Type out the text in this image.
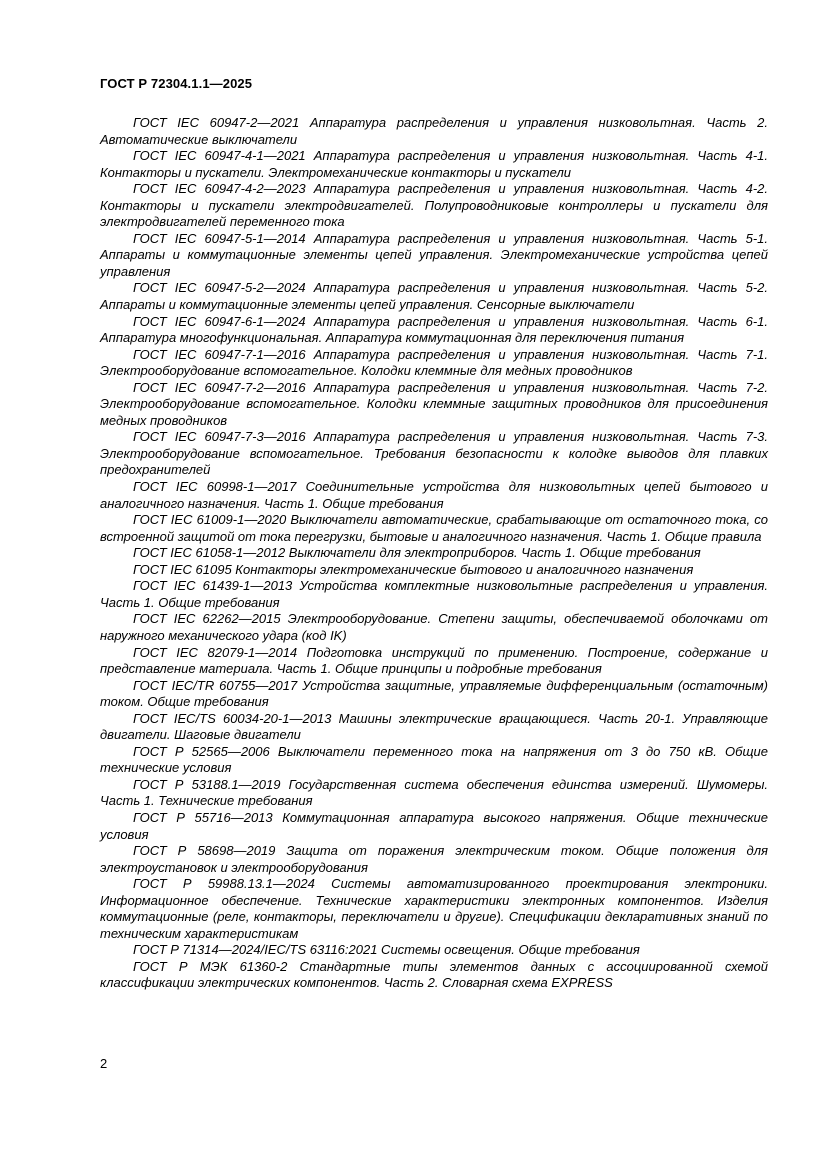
ГОСТ Р 72304.1.1—2025

ГОСТ IEC 60947-2—2021 Аппаратура распределения и управления низковольтная. Часть 2. Автоматические выключатели

ГОСТ IEC 60947-4-1—2021 Аппаратура распределения и управления низковольтная. Часть 4-1. Контакторы и пускатели. Электромеханические контакторы и пускатели

ГОСТ IEC 60947-4-2—2023 Аппаратура распределения и управления низковольтная. Часть 4-2. Контакторы и пускатели электродвигателей. Полупроводниковые контроллеры и пускатели для электродвигателей переменного тока

ГОСТ IEC 60947-5-1—2014 Аппаратура распределения и управления низковольтная. Часть 5-1. Аппараты и коммутационные элементы цепей управления. Электромеханические устройства цепей управления

ГОСТ IEC 60947-5-2—2024 Аппаратура распределения и управления низковольтная. Часть 5-2. Аппараты и коммутационные элементы цепей управления. Сенсорные выключатели

ГОСТ IEC 60947-6-1—2024 Аппаратура распределения и управления низковольтная. Часть 6-1. Аппаратура многофункциональная. Аппаратура коммутационная для переключения питания

ГОСТ IEC 60947-7-1—2016 Аппаратура распределения и управления низковольтная. Часть 7-1. Электрооборудование вспомогательное. Колодки клеммные для медных проводников

ГОСТ IEC 60947-7-2—2016 Аппаратура распределения и управления низковольтная. Часть 7-2. Электрооборудование вспомогательное. Колодки клеммные защитных проводников для присоединения медных проводников

ГОСТ IEC 60947-7-3—2016 Аппаратура распределения и управления низковольтная. Часть 7-3. Электрооборудование вспомогательное. Требования безопасности к колодке выводов для плавких предохранителей

ГОСТ IEC 60998-1—2017 Соединительные устройства для низковольтных цепей бытового и аналогичного назначения. Часть 1. Общие требования

ГОСТ IEC 61009-1—2020 Выключатели автоматические, срабатывающие от остаточного тока, со встроенной защитой от тока перегрузки, бытовые и аналогичного назначения. Часть 1. Общие правила

ГОСТ IEC 61058-1—2012 Выключатели для электроприборов. Часть 1. Общие требования

ГОСТ IEC 61095 Контакторы электромеханические бытового и аналогичного назначения

ГОСТ IEC 61439-1—2013 Устройства комплектные низковольтные распределения и управления. Часть 1. Общие требования

ГОСТ IEC 62262—2015 Электрооборудование. Степени защиты, обеспечиваемой оболочками от наружного механического удара (код IK)

ГОСТ IEC 82079-1—2014 Подготовка инструкций по применению. Построение, содержание и представление материала. Часть 1. Общие принципы и подробные требования

ГОСТ IEC/TR 60755—2017 Устройства защитные, управляемые дифференциальным (остаточным) током. Общие требования

ГОСТ IEC/TS 60034-20-1—2013 Машины электрические вращающиеся. Часть 20-1. Управляющие двигатели. Шаговые двигатели

ГОСТ Р 52565—2006 Выключатели переменного тока на напряжения от 3 до 750 кВ. Общие технические условия

ГОСТ Р 53188.1—2019 Государственная система обеспечения единства измерений. Шумомеры. Часть 1. Технические требования

ГОСТ Р 55716—2013 Коммутационная аппаратура высокого напряжения. Общие технические условия

ГОСТ Р 58698—2019 Защита от поражения электрическим током. Общие положения для электроустановок и электрооборудования

ГОСТ Р 59988.13.1—2024 Системы автоматизированного проектирования электроники. Информационное обеспечение. Технические характеристики электронных компонентов. Изделия коммутационные (реле, контакторы, переключатели и другие). Спецификации декларативных знаний по техническим характеристикам

ГОСТ Р 71314—2024/IEC/TS 63116:2021 Системы освещения. Общие требования

ГОСТ Р МЭК 61360-2 Стандартные типы элементов данных с ассоциированной схемой классификации электрических компонентов. Часть 2. Словарная схема EXPRESS

2
